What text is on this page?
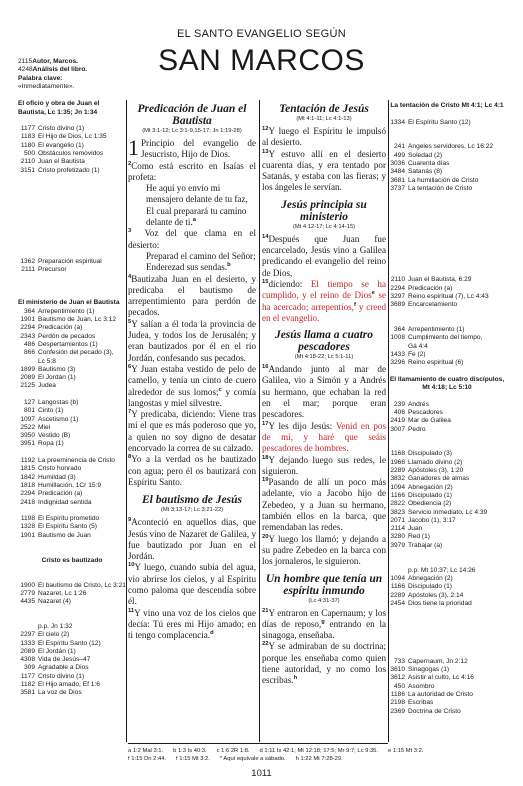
EL SANTO EVANGELIO SEGÚN
SAN MARCOS
2115Autor, Marcos.
4248Análisis del libro.
Palabra clave:
«Inmediatamente».
El oficio y obra de Juan el Bautista, Lc 1:35; Jn 1:34
1177 Cristo divino (1)
1183 El Hijo de Dios, Lc 1:35
1180 El evangelio (1)
500 Obstáculos removidos
2110 Juan el Bautista
3151 Cristo profetizado (1)
1362 Preparación espiritual
2111 Precursor
El ministerio de Juan el Bautista
364 Arrepentimiento (1)
1901 Bautismo de Juan, Lc 3:12
2294 Predicación (a)
2343 Perdón de pecados
486 Despertamientos (1)
866 Confesión del pecado (3),
Lc 5:8
1899 Bautismo (3)
2089 El Jordán (1)
2125 Judea
127 Langostas (b)
801 Cinto (1)
1097 Ascetismo (1)
2522 Miel
3950 Vestido (B)
3951 Ropa (1)
1192 La preeminencia de Cristo
1815 Cristo honrado
1842 Humildad (3)
1818 Humillación, 1Cr 15:9
2294 Predicación (a)
2418 Indignidad sentida
1198 El Espíritu prometido
1328 El Espíritu Santo (5)
1901 Bautismo de Juan
Cristo es bautizado
1900 El bautismo de Cristo, Lc 3:21
2779 Nazaret, Lc 1:26
4435 Nazaret (4)
p.p. Jn 1:32
2297 El cielo (2)
1333 El Espíritu Santo (12)
2089 El Jordán (1)
4308 Vida de Jesús–47
309 Agradable a Dios
1177 Cristo divino (1)
1182 El Hijo amado, Ef 1:6
3581 La voz de Dios
La tentación de Cristo Mt 4:1; Lc 4:1
1334 El Espíritu Santo (12)
241 Ángeles servidores, Lc 16:22
499 Soledad (2)
3036 Cuarenta días
3484 Satanás (8)
3681 La humillación de Cristo
3737 La tentación de Cristo
2110 Juan el Bautista, 6:29
2294 Predicación (a)
3297 Reino espiritual (7), Lc 4:43
3689 Encarcelamiento
364 Arrepentimiento (1)
1008 Cumplimiento del tiempo,
Gá 4:4
1433 Fe (2)
3296 Reino espiritual (6)
El llamamiento de cuatro discípulos, Mt 4:18; Lc 5:10
239 Andrés
406 Pescadores
2419 Mar de Galilea
3007 Pedro
1168 Discipulado (3)
1966 Llamado divino (2)
2289 Apóstoles (3), 1:20
3832 Ganadores de almas
1094 Abnegación (2)
1166 Discipulado (1)
2822 Obediencia (2)
3823 Servicio inmediato, Lc 4:39
2071 Jacobo (1), 3:17
2114 Juan
3280 Red (1)
3979 Trabajar (a)
p.p. Mt 10:37; Lc 14:26
1094 Abnegación (2)
1166 Discipulado (1)
2289 Apóstoles (3), 2:14
2454 Dios tiene la prioridad
733 Capernaum, Jn 2:12
3610 Sinagogas (1)
3612 Asistir al culto, Lc 4:16
450 Asombro
1186 La autoridad de Cristo
2198 Escribas
2369 Doctrina de Cristo
Predicación de Juan el Bautista
(Mt 3:1-12; Lc 3:1-9,15-17; Jn 1:19-28)

1 Principio del evangelio de Jesucristo, Hijo de Dios.

$^2$Como está escrito en Isaías el profeta:

He aquí yo envío mi mensajero delante de tu faz,

El cual preparará tu camino delante de ti.$^a$

$^3$ Voz del que clama en el desierto:

Preparad el camino del Señor;

Enderezad sus sendas.$^b$

$^4$Bautizaba Juan en el desierto, y predicaba el bautismo de arrepentimiento para perdón de pecados.

$^5$Y salían a él toda la provincia de Judea, y todos los de Jerusalén; y eran bautizados por él en el río Jordán, confesando sus pecados.

$^6$Y Juan estaba vestido de pelo de camello, y tenía un cinto de cuero alrededor de sus lomos;$^c$ y comía langostas y miel silvestre.

$^7$Y predicaba, diciendo: Viene tras mí el que es más poderoso que yo, a quien no soy digno de desatar encorvado la correa de su calzado.

$^8$Yo a la verdad os he bautizado con agua; pero él os bautizará con Espíritu Santo.

El bautismo de Jesús
(Mt 3:13-17; Lc 3:21-22)

$^9$Aconteció en aquellos días, que Jesús vino de Nazaret de Galilea, y fue bautizado por Juan en el Jordán.

$^{10}$Y luego, cuando subía del agua, vio abrirse los cielos, y al Espíritu como paloma que descendía sobre él.

$^{11}$Y vino una voz de los cielos que decía: Tú eres mi Hijo amado; en ti tengo complacencia.$^d$

Tentación de Jesús
(Mt 4:1-11; Lc 4:1-13)

$^{12}$Y luego el Espíritu le impulsó al desierto.

$^{13}$Y estuvo allí en el desierto cuarenta días, y era tentado por Satanás, y estaba con las fieras; y los ángeles le servían.

Jesús principia su ministerio
(Mt 4:12-17; Lc 4:14-15)

$^{14}$Después que Juan fue encarcelado, Jesús vino a Galilea predicando el evangelio del reino de Dios,

$^{15}$diciendo: El tiempo se ha cumplido, y el reino de Dios$^e$ se ha acercado; arrepentíos,$^f$ y creed en el evangelio.

Jesús llama a cuatro pescadores
(Mt 4:18-22; Lc 5:1-11)

$^{16}$Andando junto al mar de Galilea, vio a Simón y a Andrés su hermano, que echaban la red en el mar; porque eran pescadores.

$^{17}$Y les dijo Jesús: Venid en pos de mí, y haré que seáis pescadores de hombres.

$^{18}$Y dejando luego sus redes, le siguieron.

$^{19}$Pasando de allí un poco más adelante, vio a Jacobo hijo de Zebedeo, y a Juan su hermano, también ellos en la barca, que remendaban las redes.

$^{20}$Y luego los llamó; y dejando a su padre Zebedeo en la barca con los jornaleros, le siguieron.

Un hombre que tenía un espíritu inmundo
(Lc 4:31-37)

$^{21}$Y entraron en Capernaum; y los días de reposo,$^g$ entrando en la sinagoga, enseñaba.

$^{22}$Y se admiraban de su doctrina; porque les enseñaba como quien tiene autoridad, y no como los escribas.$^h$

a 1:2 Mal 3:1. b 1:3 Is 40:3. c 1:6 2R 1:8. d 1:11 Is 42:1; Mt 12:18; 17:5; Mr 9:7; Lc 9:35. e 1:15 Mt 3:2.
f 1:15 Dn 2:44. f 1:15 Mt 3:2. * Aquí equivale a sábado. h 1:22 Mt 7:28-29.
1011
